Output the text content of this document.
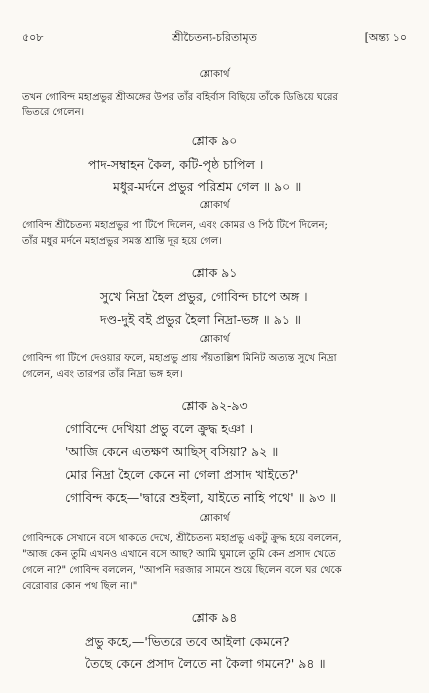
৫০৮	শ্রীচৈতন্য-চরিতামৃত	[অন্ত্য ১০
শ্লোকার্থ
তখন গোবিন্দ মহাপ্রভুর শ্রীঅঙ্গের উপর তাঁর বহির্বাস বিছিয়ে তাঁকে ডিঙিয়ে ঘরের
ভিতরে গেলেন।
শ্লোক ৯০
পাদ-সম্বাহন কৈল, কটি-পৃষ্ঠ চাপিল ।
মধুর-মর্দনে প্রভুর পরিশ্রম গেল ॥ ৯০ ॥
শ্লোকার্থ
গোবিন্দ শ্রীচৈতন্য মহাপ্রভুর পা টিপে দিলেন, এবং কোমর ও পিঠ টিপে দিলেন;
তাঁর মধুর মর্দনে মহাপ্রভুর সমস্ত শ্রান্তি দূর হয়ে গেল।
শ্লোক ৯১
সুখে নিদ্রা হৈল প্রভুর, গোবিন্দ চাপে অঙ্গ ।
দণ্ড-দুই বই প্রভুর হৈলা নিদ্রা-ভঙ্গ ॥ ৯১ ॥
শ্লোকার্থ
গোবিন্দ গা টিপে দেওয়ার ফলে, মহাপ্রভু প্রায় পঁয়তাল্লিশ মিনিট অত্যন্ত সুখে নিদ্রা
গেলেন, এবং তারপর তাঁর নিদ্রা ভঙ্গ হল।
শ্লোক ৯২-৯৩
গোবিন্দে দেখিয়া প্রভু বলে ক্রুদ্ধ হঞা ।
'আজি কেনে এতক্ষণ আছিস্ বসিয়া? ৯২ ॥
মোর নিদ্রা হৈলে কেনে না গেলা প্রসাদ খাইতে?'
গোবিন্দ কহে—'দ্বারে শুইলা, যাইতে নাহি পথে' ॥ ৯৩ ॥
শ্লোকার্থ
গোবিন্দকে সেখানে বসে থাকতে দেখে, শ্রীচৈতন্য মহাপ্রভু একটু ক্রুদ্ধ হয়ে বললেন,
"আজ কেন তুমি এখনও এখানে বসে আছ? আমি ঘুমালে তুমি কেন প্রসাদ খেতে
গেলে না?" গোবিন্দ বললেন, "আপনি দরজার সামনে শুয়ে ছিলেন বলে ঘর থেকে
বেরোবার কোন পথ ছিল না।"
শ্লোক ৯৪
প্রভু কহে,—'ভিতরে তবে আইলা কেমনে?
তৈছে কেনে প্রসাদ লৈতে না কৈলা গমনে?' ৯৪ ॥
